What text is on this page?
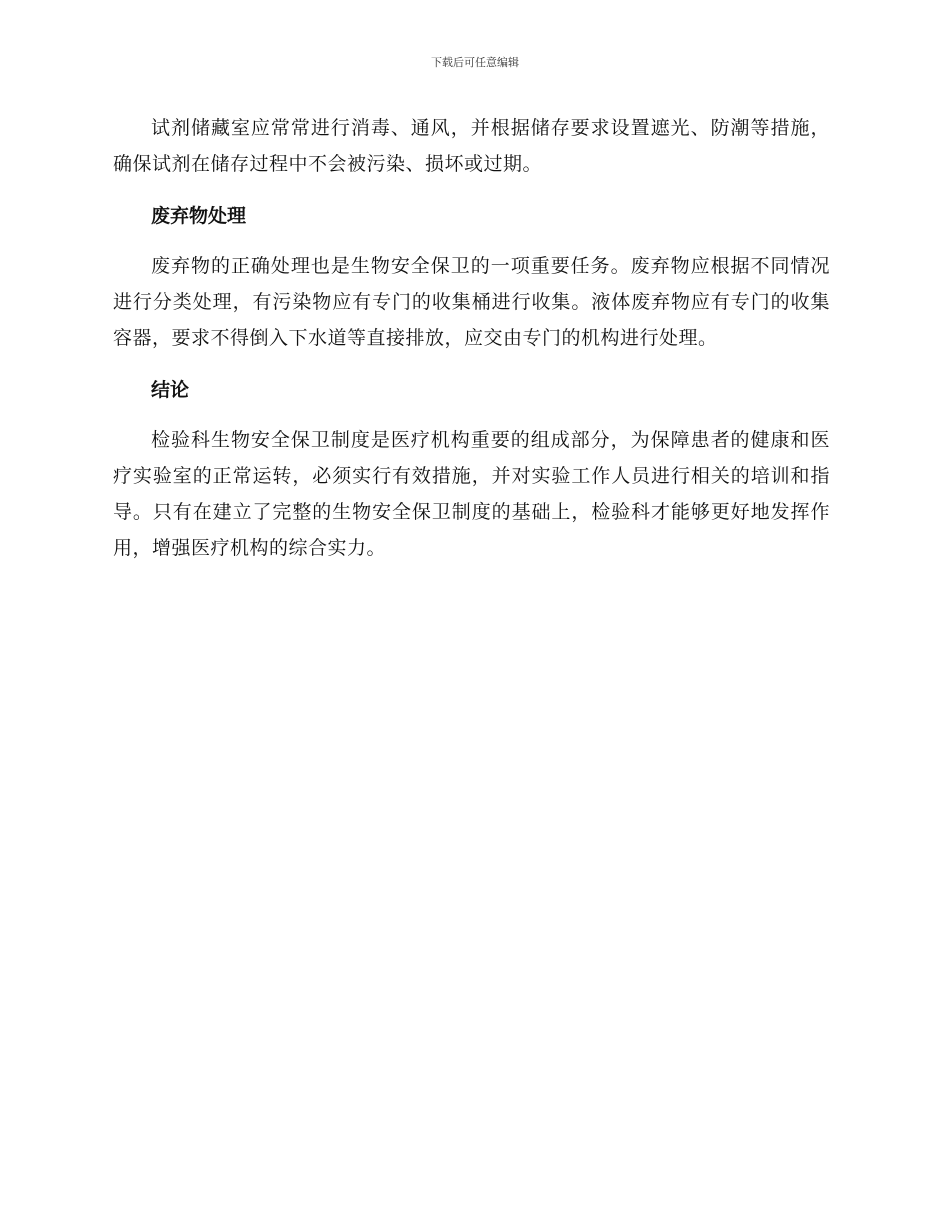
下载后可任意编辑

试剂储藏室应常常进行消毒、通风，并根据储存要求设置遮光、防潮等措施，确保试剂在储存过程中不会被污染、损坏或过期。

废弃物处理

废弃物的正确处理也是生物安全保卫的一项重要任务。废弃物应根据不同情况进行分类处理，有污染物应有专门的收集桶进行收集。液体废弃物应有专门的收集容器，要求不得倒入下水道等直接排放，应交由专门的机构进行处理。

结论

检验科生物安全保卫制度是医疗机构重要的组成部分，为保障患者的健康和医疗实验室的正常运转，必须实行有效措施，并对实验工作人员进行相关的培训和指导。只有在建立了完整的生物安全保卫制度的基础上，检验科才能够更好地发挥作用，增强医疗机构的综合实力。
